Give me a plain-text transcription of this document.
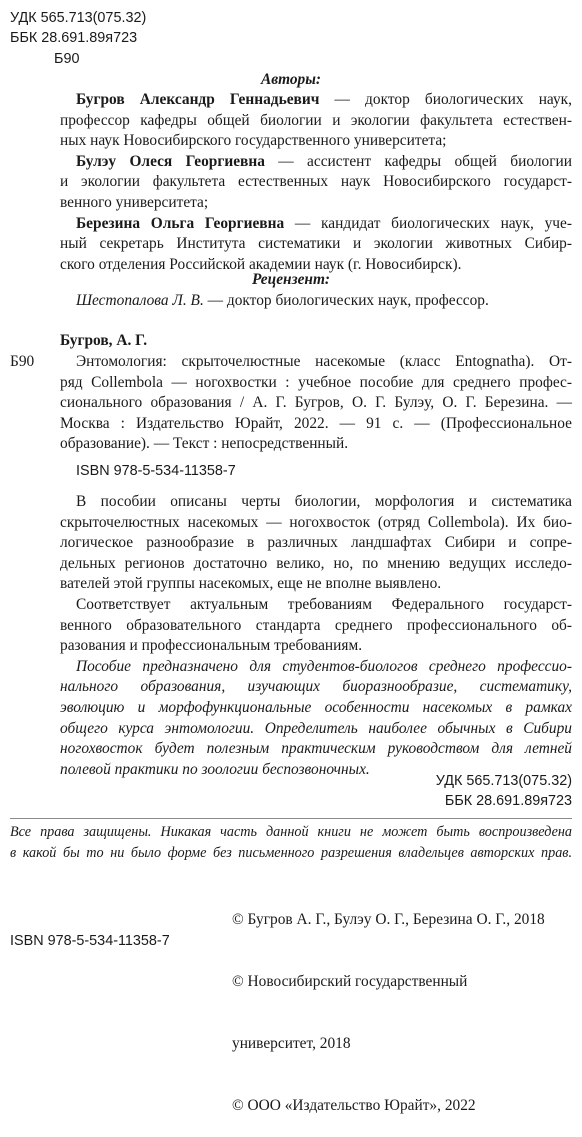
УДК 565.713(075.32)
ББК 28.691.89я723
Б90
Авторы:
Бугров Александр Геннадьевич — доктор биологических наук,
профессор кафедры общей биологии и экологии факультета естествен-
ных наук Новосибирского государственного университета;
Булэу Олеся Георгиевна — ассистент кафедры общей биологии
и экологии факультета естественных наук Новосибирского государст-
венного университета;
Березина Ольга Георгиевна — кандидат биологических наук, уче-
ный секретарь Института систематики и экологии животных Сибир-
ского отделения Российской академии наук (г. Новосибирск).
Рецензент:
Шестопалова Л. В. — доктор биологических наук, профессор.
Б90
Бугров, А. Г.
Энтомология: скрыточелюстные насекомые (класс Entognatha). От-
ряд Collembola — ногохвостки : учебное пособие для среднего профес-
сионального образования / А. Г. Бугров, О. Г. Булэу, О. Г. Березина. —
Москва : Издательство Юрайт, 2022. — 91 с. — (Профессиональное
образование). — Текст : непосредственный.
ISBN 978-5-534-11358-7
В пособии описаны черты биологии, морфология и систематика
скрыточелюстных насекомых — ногохвосток (отряд Collembola). Их био-
логическое разнообразие в различных ландшафтах Сибири и сопре-
дельных регионов достаточно велико, но, по мнению ведущих исследо-
вателей этой группы насекомых, еще не вполне выявлено.
Соответствует актуальным требованиям Федерального государст-
венного образовательного стандарта среднего профессионального об-
разования и профессиональным требованиям.
Пособие предназначено для студентов-биологов среднего профессио-
нального образования, изучающих биоразнообразие, систематику,
эволюцию и морфофункциональные особенности насекомых в рамках
общего курса энтомологии. Определитель наиболее обычных в Сибири
ногохвосток будет полезным практическим руководством для летней
полевой практики по зоологии беспозвоночных.
УДК 565.713(075.32)
ББК 28.691.89я723
Все права защищены. Никакая часть данной книги не может быть воспроизведена
в какой бы то ни было форме без письменного разрешения владельцев авторских прав.
ISBN 978-5-534-11358-7

© Бугров А. Г., Булэу О. Г., Березина О. Г., 2018

© Новосибирский государственный

университет, 2018

© ООО «Издательство Юрайт», 2022
